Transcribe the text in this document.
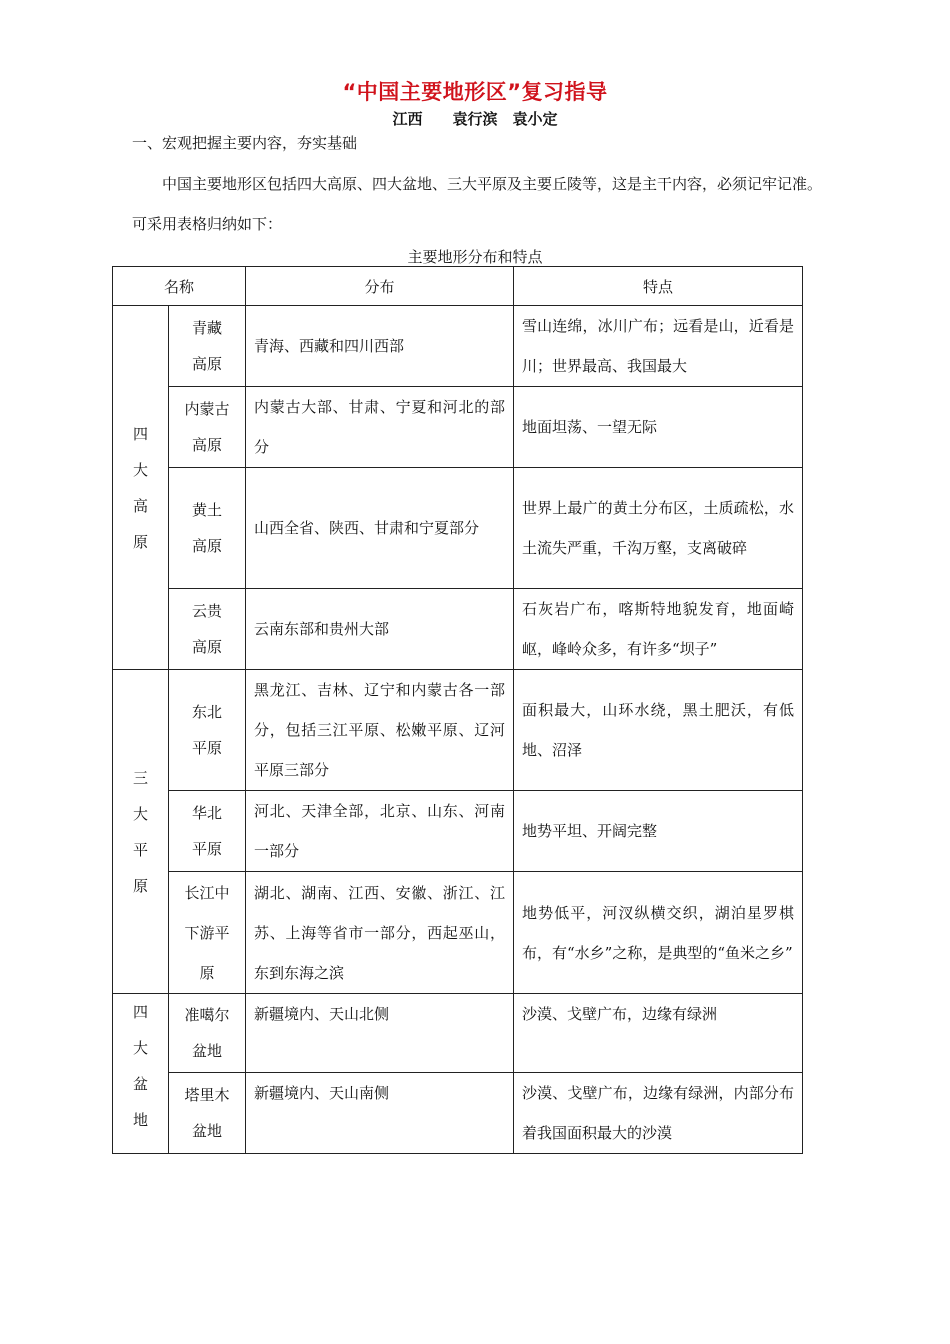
“中国主要地形区”复习指导
江西　　袁行滨　袁小定
一、宏观把握主要内容，夯实基础
中国主要地形区包括四大高原、四大盆地、三大平原及主要丘陵等，这是主干内容，必须记牢记准。可采用表格归纳如下：
主要地形分布和特点
名称		分布	特点

四大高原	青藏高原	青海、西藏和四川西部	雪山连绵，冰川广布；远看是山，近看是川；世界最高、我国最大

	内蒙古高原	内蒙古大部、甘肃、宁夏和河北的部分	地面坦荡、一望无际

	黄土高原	山西全省、陕西、甘肃和宁夏部分	世界上最广的黄土分布区，土质疏松，水土流失严重，千沟万壑，支离破碎

	云贵高原	云南东部和贵州大部	石灰岩广布，喀斯特地貌发育，地面崎岖，峰岭众多，有许多“坝子”

三大平原	东北平原	黑龙江、吉林、辽宁和内蒙古各一部分，包括三江平原、松嫩平原、辽河平原三部分	面积最大，山环水绕，黑土肥沃，有低地、沼泽

	华北平原	河北、天津全部，北京、山东、河南一部分	地势平坦、开阔完整

	长江中下游平原	湖北、湖南、江西、安徽、浙江、江苏、上海等省市一部分，西起巫山，东到东海之滨	地势低平，河汊纵横交织，湖泊星罗棋布，有“水乡”之称，是典型的“鱼米之乡”

四大盆地	准噶尔盆地	新疆境内、天山北侧	沙漠、戈壁广布，边缘有绿洲

	塔里木盆地	新疆境内、天山南侧	沙漠、戈壁广布，边缘有绿洲，内部分布着我国面积最大的沙漠
